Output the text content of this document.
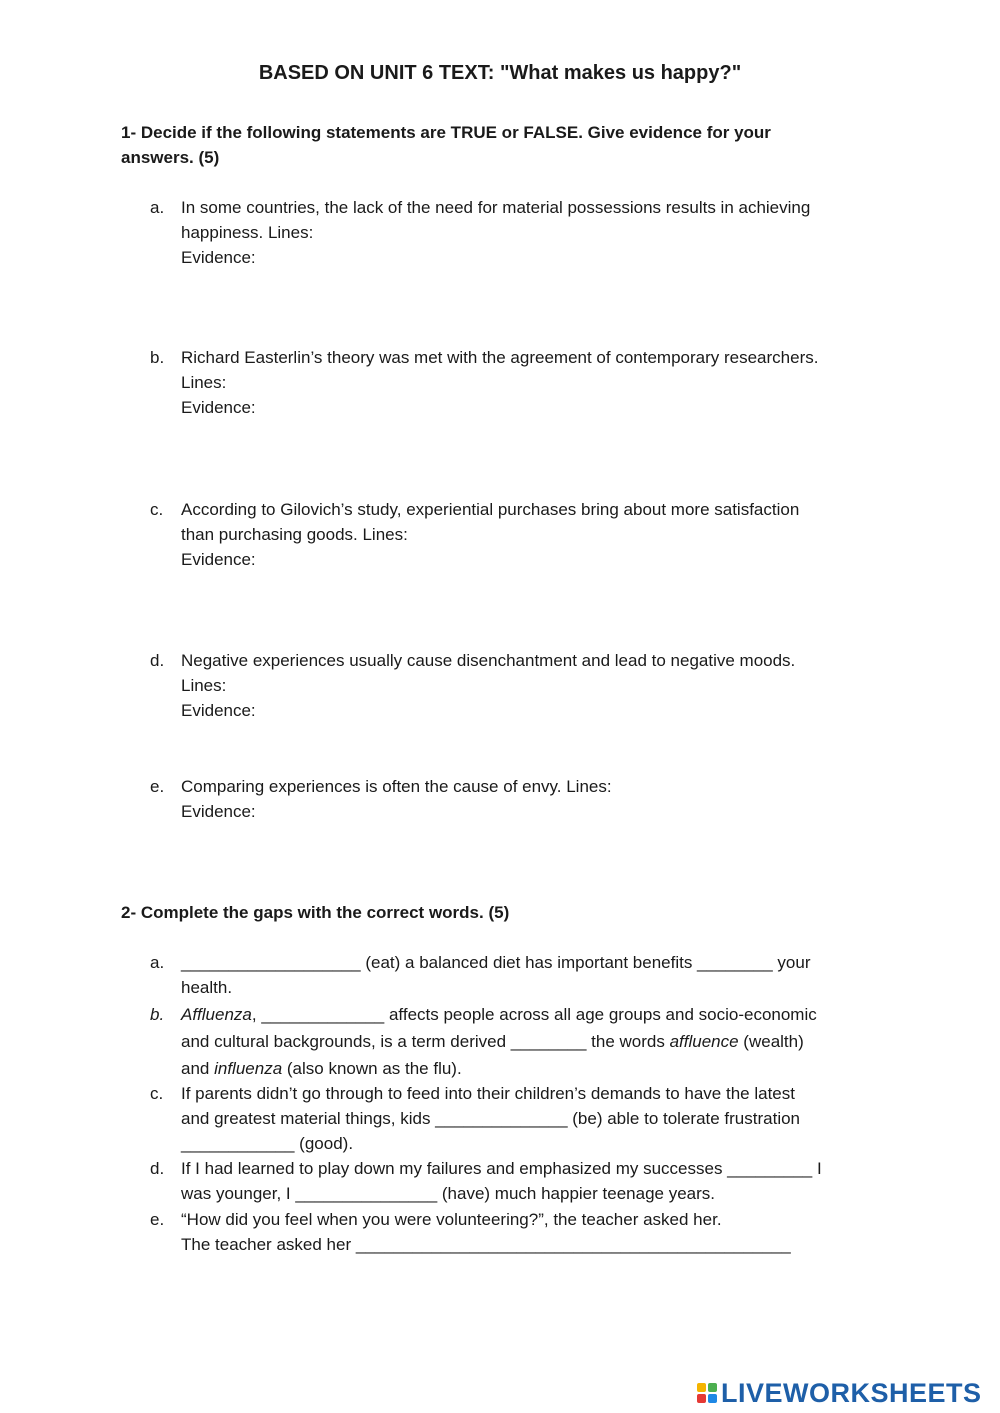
BASED ON UNIT 6 TEXT: "What makes us happy?"
1- Decide if the following statements are TRUE or FALSE. Give evidence for your
answers. (5)
a. In some countries, the lack of the need for material possessions results in achieving
happiness. Lines:
Evidence:
b. Richard Easterlin’s theory was met with the agreement of contemporary researchers.
Lines:
Evidence:
c.	According to Gilovich’s study, experiential purchases bring about more satisfaction
than purchasing goods. Lines:
Evidence:
d. Negative experiences usually cause disenchantment and lead to negative moods.
Lines:
Evidence:
e. Comparing experiences is often the cause of envy. Lines:
Evidence:
2- Complete the gaps with the correct words. (5)
a. ___________________ (eat) a balanced diet has important benefits ________ your
health.
b. Affluenza, _____________ affects people across all age groups and socio-economic
and cultural backgrounds, is a term derived ________ the words affluence (wealth)
and influenza (also known as the flu).
c.	If parents didn’t go through to feed into their children’s demands to have the latest
and greatest material things, kids ______________ (be) able to tolerate frustration
____________ (good).
d. If I had learned to play down my failures and emphasized my successes _________ I
was younger, I _______________ (have) much happier teenage years.
e. “How did you feel when you were volunteering?”, the teacher asked her.
The teacher asked her ______________________________________________
LIVEWORKSHEETS
